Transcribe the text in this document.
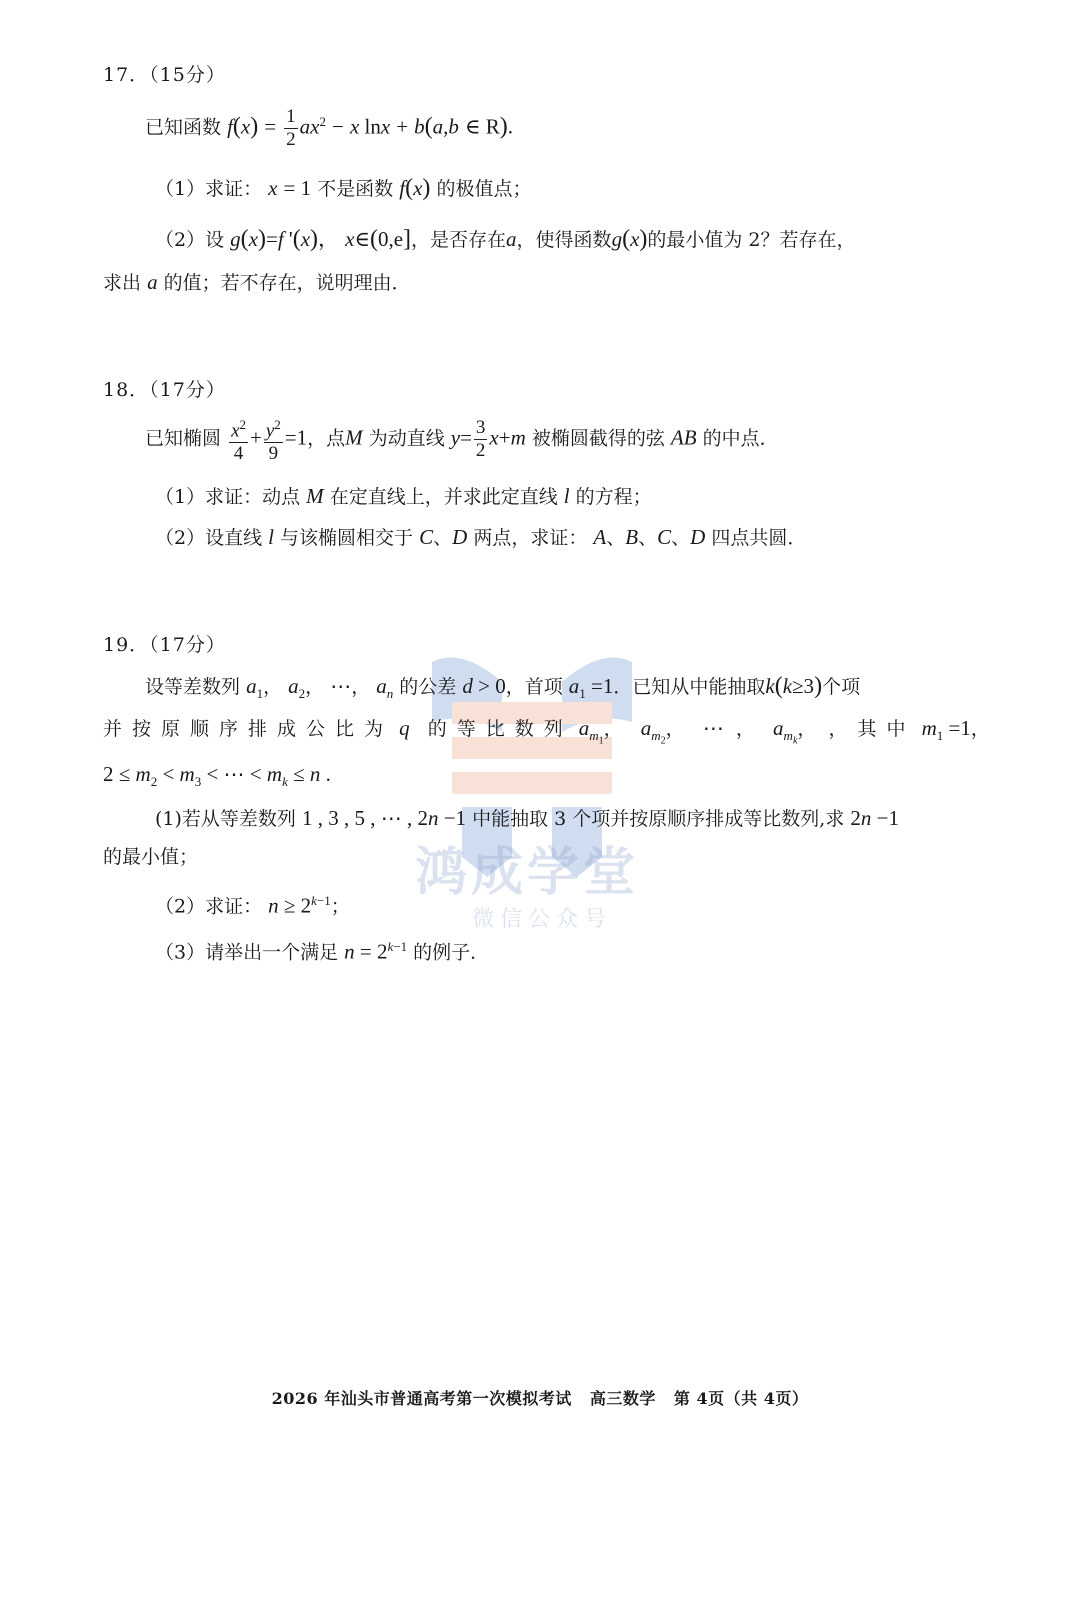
鸿成学堂
微信公众号
17．（15分）
已知函数 $f(x) = \frac{1}{2} ax^2 - x$ lnx + b(a,b ∈ R).
（1）求证： x = 1 不是函数 f(x) 的极值点；
（2）设 g(x)=f '(x)， x∈(0,e]，是否存在a，使得函数g(x)的最小值为 2？若存在，
求出 a 的值；若不存在，说明理由．
18．（17分）
已知椭圆 $\frac{x^2}{4} + \frac{y^2}{9} =1$，点M 为动直线 $y= \frac{3}{2} x+m$ 被椭圆截得的弦 AB 的中点．
（1）求证：动点 M 在定直线上，并求此定直线 l 的方程；
（2）设直线 l 与该椭圆相交于 C、D 两点，求证： A、B、C、D 四点共圆．
19．（17分）
设等差数列 $a_1$， $a_2$， ⋯， $a_n$ 的公差 d > 0，首项 $a_1 =1$．已知从中能抽取k(k≥3)个项
并按原顺序排成公比为 q 的等比数列 $a_{m_1}$， $a_{m_2}$， ⋯ ， $a_{m_k}$， ，其中 $m_1 =1$，
$2 \le m_2 < m_3$ < ⋯ < $m_k \le n$ .
(1)若从等差数列 1 , 3 , 5 , ⋯ , 2n −1 中能抽取 3 个项并按原顺序排成等比数列,求 2n −1
的最小值；
（2）求证： $n \ge 2^{k-1}$；
（3）请举出一个满足 $n = 2^{k-1}$ 的例子．
2026 年汕头市普通高考第一次模拟考试 高三数学 第 4页（共 4页）
